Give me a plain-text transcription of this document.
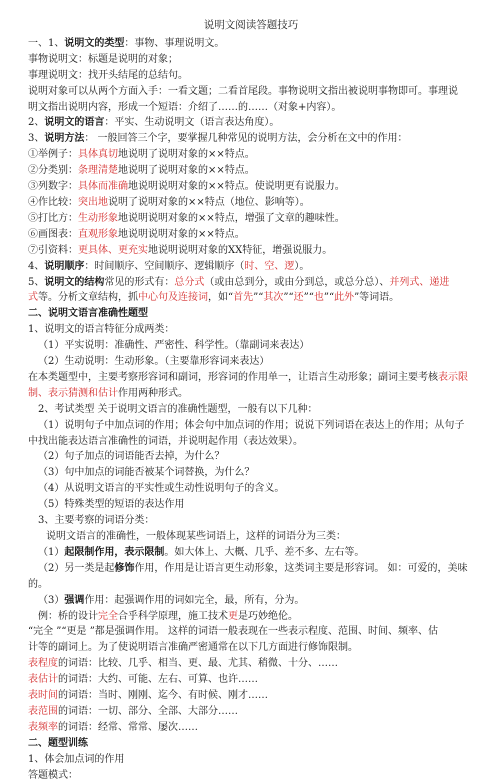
说明文阅读答题技巧
一、1、说明文的类型：事物、事理说明文。
事物说明文：标题是说明的对象；
事理说明文：找开头结尾的总结句。
说明对象可以从两个方面入手：一看文题；二看首尾段。事物说明文指出被说明事物即可。事理说
明文指出说明内容，形成一个短语：介绍了……的……（对象+内容）。
2、说明文的语言：平实、生动说明文（语言表达角度）。
3、说明方法： 一般回答三个字，要掌握几种常见的说明方法，会分析在文中的作用：
①举例子：具体真切地说明了说明对象的××特点。
②分类别：条理清楚地说明了说明对象的××特点。
③列数字：具体而准确地说明说明对象的××特点。使说明更有说服力。
④作比较：突出地说明了说明对象的××特点（地位、影响等）。
⑤打比方：生动形象地说明说明对象的××特点，增强了文章的趣味性。
⑥画图表：直观形象地说明说明对象的××特点。
⑦引资料：更具体、更充实地说明说明对象的XX特征，增强说服力。
4、说明顺序：时间顺序、空间顺序、逻辑顺序（时、空、逻）。
5、说明文的结构常见的形式有：总分式（或由总到分，或由分到总，或总分总）、并列式、递进
式等。分析文章结构，抓中心句及连接词，如“首先”“其次”“还”“也”“此外”等词语。
二、说明文语言准确性题型
1、说明文的语言特征分成两类：
（1）平实说明：准确性、严密性、科学性。（靠副词来表达）
（2）生动说明：生动形象。（主要靠形容词来表达）
在本类题型中，主要考察形容词和副词，形容词的作用单一，让语言生动形象；副词主要考核表示限
制、表示猜测和估计作用两种形式。
2、考试类型 关于说明文语言的准确性题型，一般有以下几种：
（1）说明句子中加点词的作用；体会句中加点词的作用；说说下列词语在表达上的作用；从句子
中找出能表达语言准确性的词语，并说明起作用（表达效果）。
（2）句子加点的词语能否去掉，为什么？
（3）句中加点的词能否被某个词替换，为什么？
（4）从说明文语言的平实性或生动性说明句子的含义。
（5）特殊类型的短语的表达作用
3、主要考察的词语分类：
说明文语言的准确性，一般体现某些词语上，这样的词语分为三类：
（1）起限制作用，表示限制。如大体上、大概、几乎、差不多、左右等。
（2）另一类是起修饰作用，作用是让语言更生动形象，这类词主要是形容词。 如：可爱的，美味
的。
（3）强调作用：起强调作用的词如完全，最，所有，分为。
例：桥的设计完全合乎科学原理，施工技术更是巧妙绝伦。
“完全 ”“更是 ”都是强调作用。 这样的词语一般表现在一些表示程度、范围、时间、频率、估
计等的副词上。为了使说明语言准确严密通常在以下几方面进行修饰限制。
表程度的词语：比较、几乎、相当、更、最、尤其、稍微、十分、……
表估计的词语：大约、可能、左右、可算、也许……
表时间的词语：当时、刚刚、迄今、有时候、刚才……
表范围的词语：一切、部分、全部、大部分……
表频率的词语：经常、常常、屡次……
二、题型训练
1、体会加点词的作用
答题模式：
